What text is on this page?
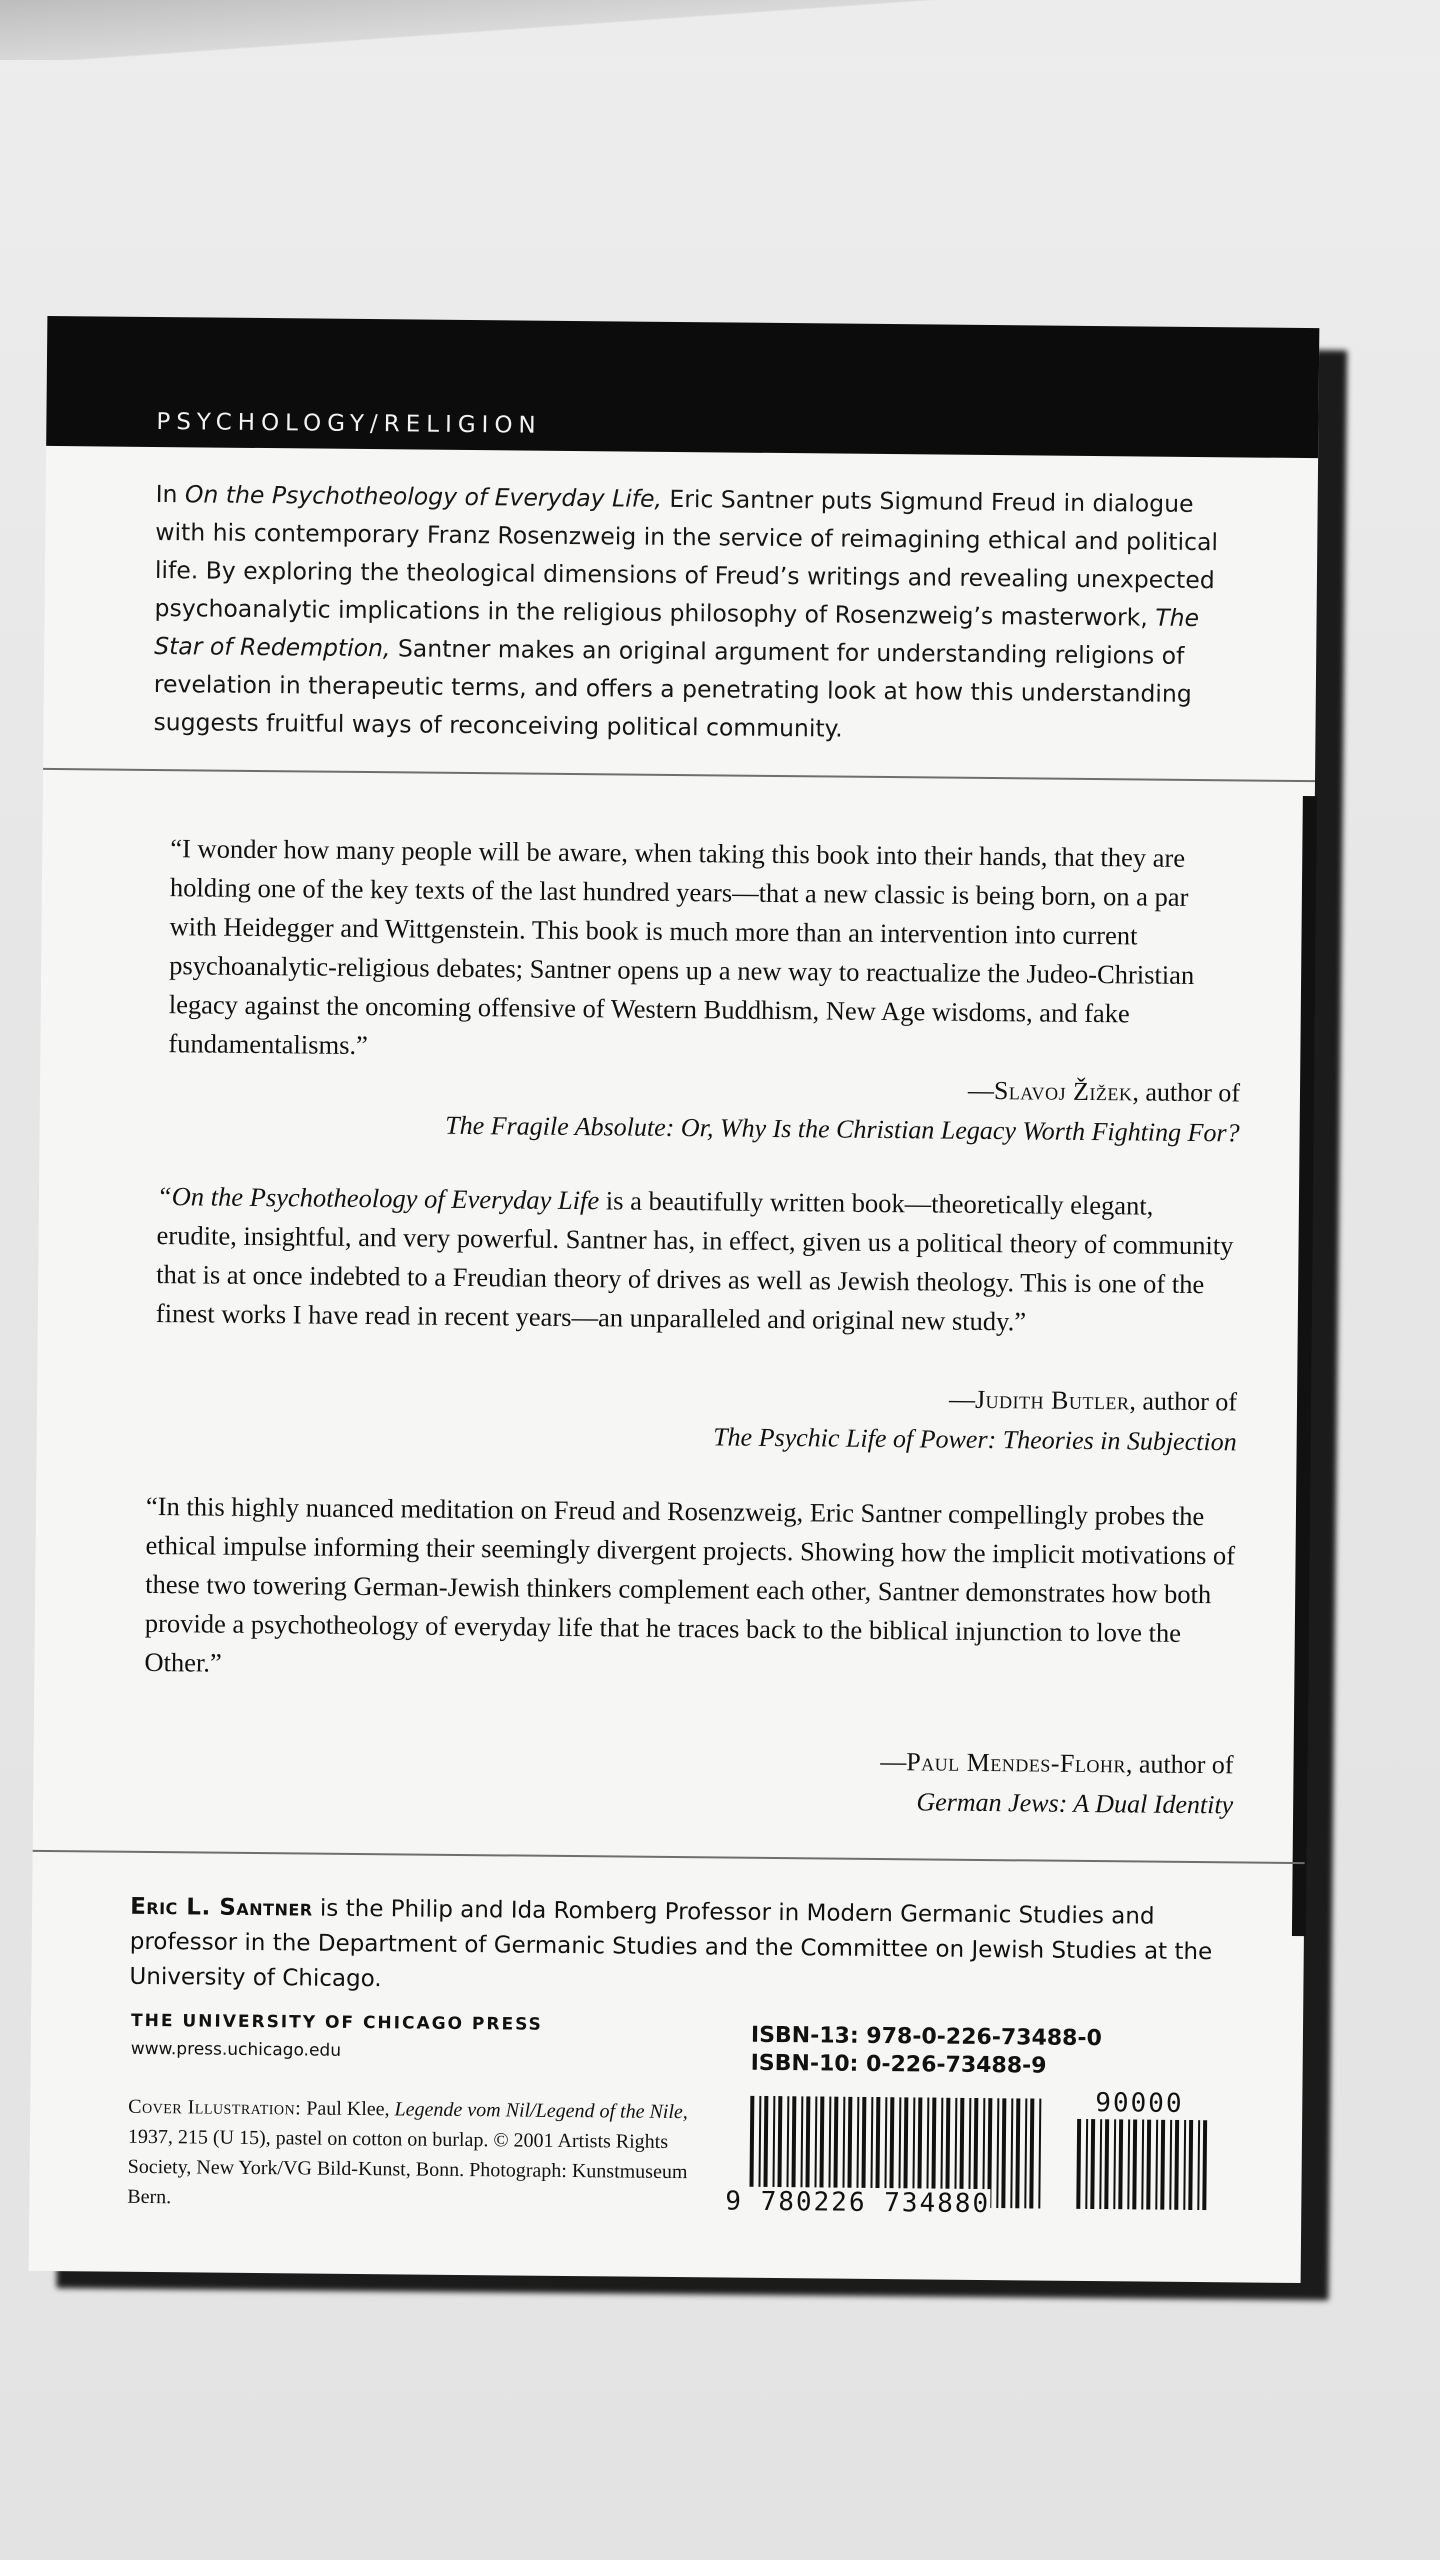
PSYCHOLOGY/RELIGION
In On the Psychotheology of Everyday Life, Eric Santner puts Sigmund Freud in dialogue with his contemporary Franz Rosenzweig in the service of reimagining ethical and political life. By exploring the theological dimensions of Freud’s writings and revealing unexpected psychoanalytic implications in the religious philosophy of Rosenzweig’s masterwork, The Star of Redemption, Santner makes an original argument for understanding religions of revelation in therapeutic terms, and offers a penetrating look at how this understanding suggests fruitful ways of reconceiving political community.
“I wonder how many people will be aware, when taking this book into their hands, that they are holding one of the key texts of the last hundred years—that a new classic is being born, on a par with Heidegger and Wittgenstein. This book is much more than an intervention into current psychoanalytic-religious debates; Santner opens up a new way to reactualize the Judeo-Christian legacy against the oncoming offensive of Western Buddhism, New Age wisdoms, and fake fundamentalisms.”
—Slavoj Žižek, author of
The Fragile Absolute: Or, Why Is the Christian Legacy Worth Fighting For?
“On the Psychotheology of Everyday Life is a beautifully written book—theoretically elegant, erudite, insightful, and very powerful. Santner has, in effect, given us a political theory of community that is at once indebted to a Freudian theory of drives as well as Jewish theology. This is one of the finest works I have read in recent years—an unparalleled and original new study.”
—Judith Butler, author of
The Psychic Life of Power: Theories in Subjection
“In this highly nuanced meditation on Freud and Rosenzweig, Eric Santner compellingly probes the ethical impulse informing their seemingly divergent projects. Showing how the implicit motivations of these two towering German-Jewish thinkers complement each other, Santner demonstrates how both provide a psychotheology of everyday life that he traces back to the biblical injunction to love the Other.”
—Paul Mendes-Flohr, author of
German Jews: A Dual Identity
Eric L. Santner is the Philip and Ida Romberg Professor in Modern Germanic Studies and professor in the Department of Germanic Studies and the Committee on Jewish Studies at the University of Chicago.
THE UNIVERSITY OF CHICAGO PRESS
www.press.uchicago.edu
Cover Illustration: Paul Klee, Legende vom Nil/Legend of the Nile, 1937, 215 (U 15), pastel on cotton on burlap. © 2001 Artists Rights Society, New York/VG Bild-Kunst, Bonn. Photograph: Kunstmuseum Bern.
ISBN-13: 978-0-226-73488-0
ISBN-10: 0-226-73488-9
9 780226 734880
90000
